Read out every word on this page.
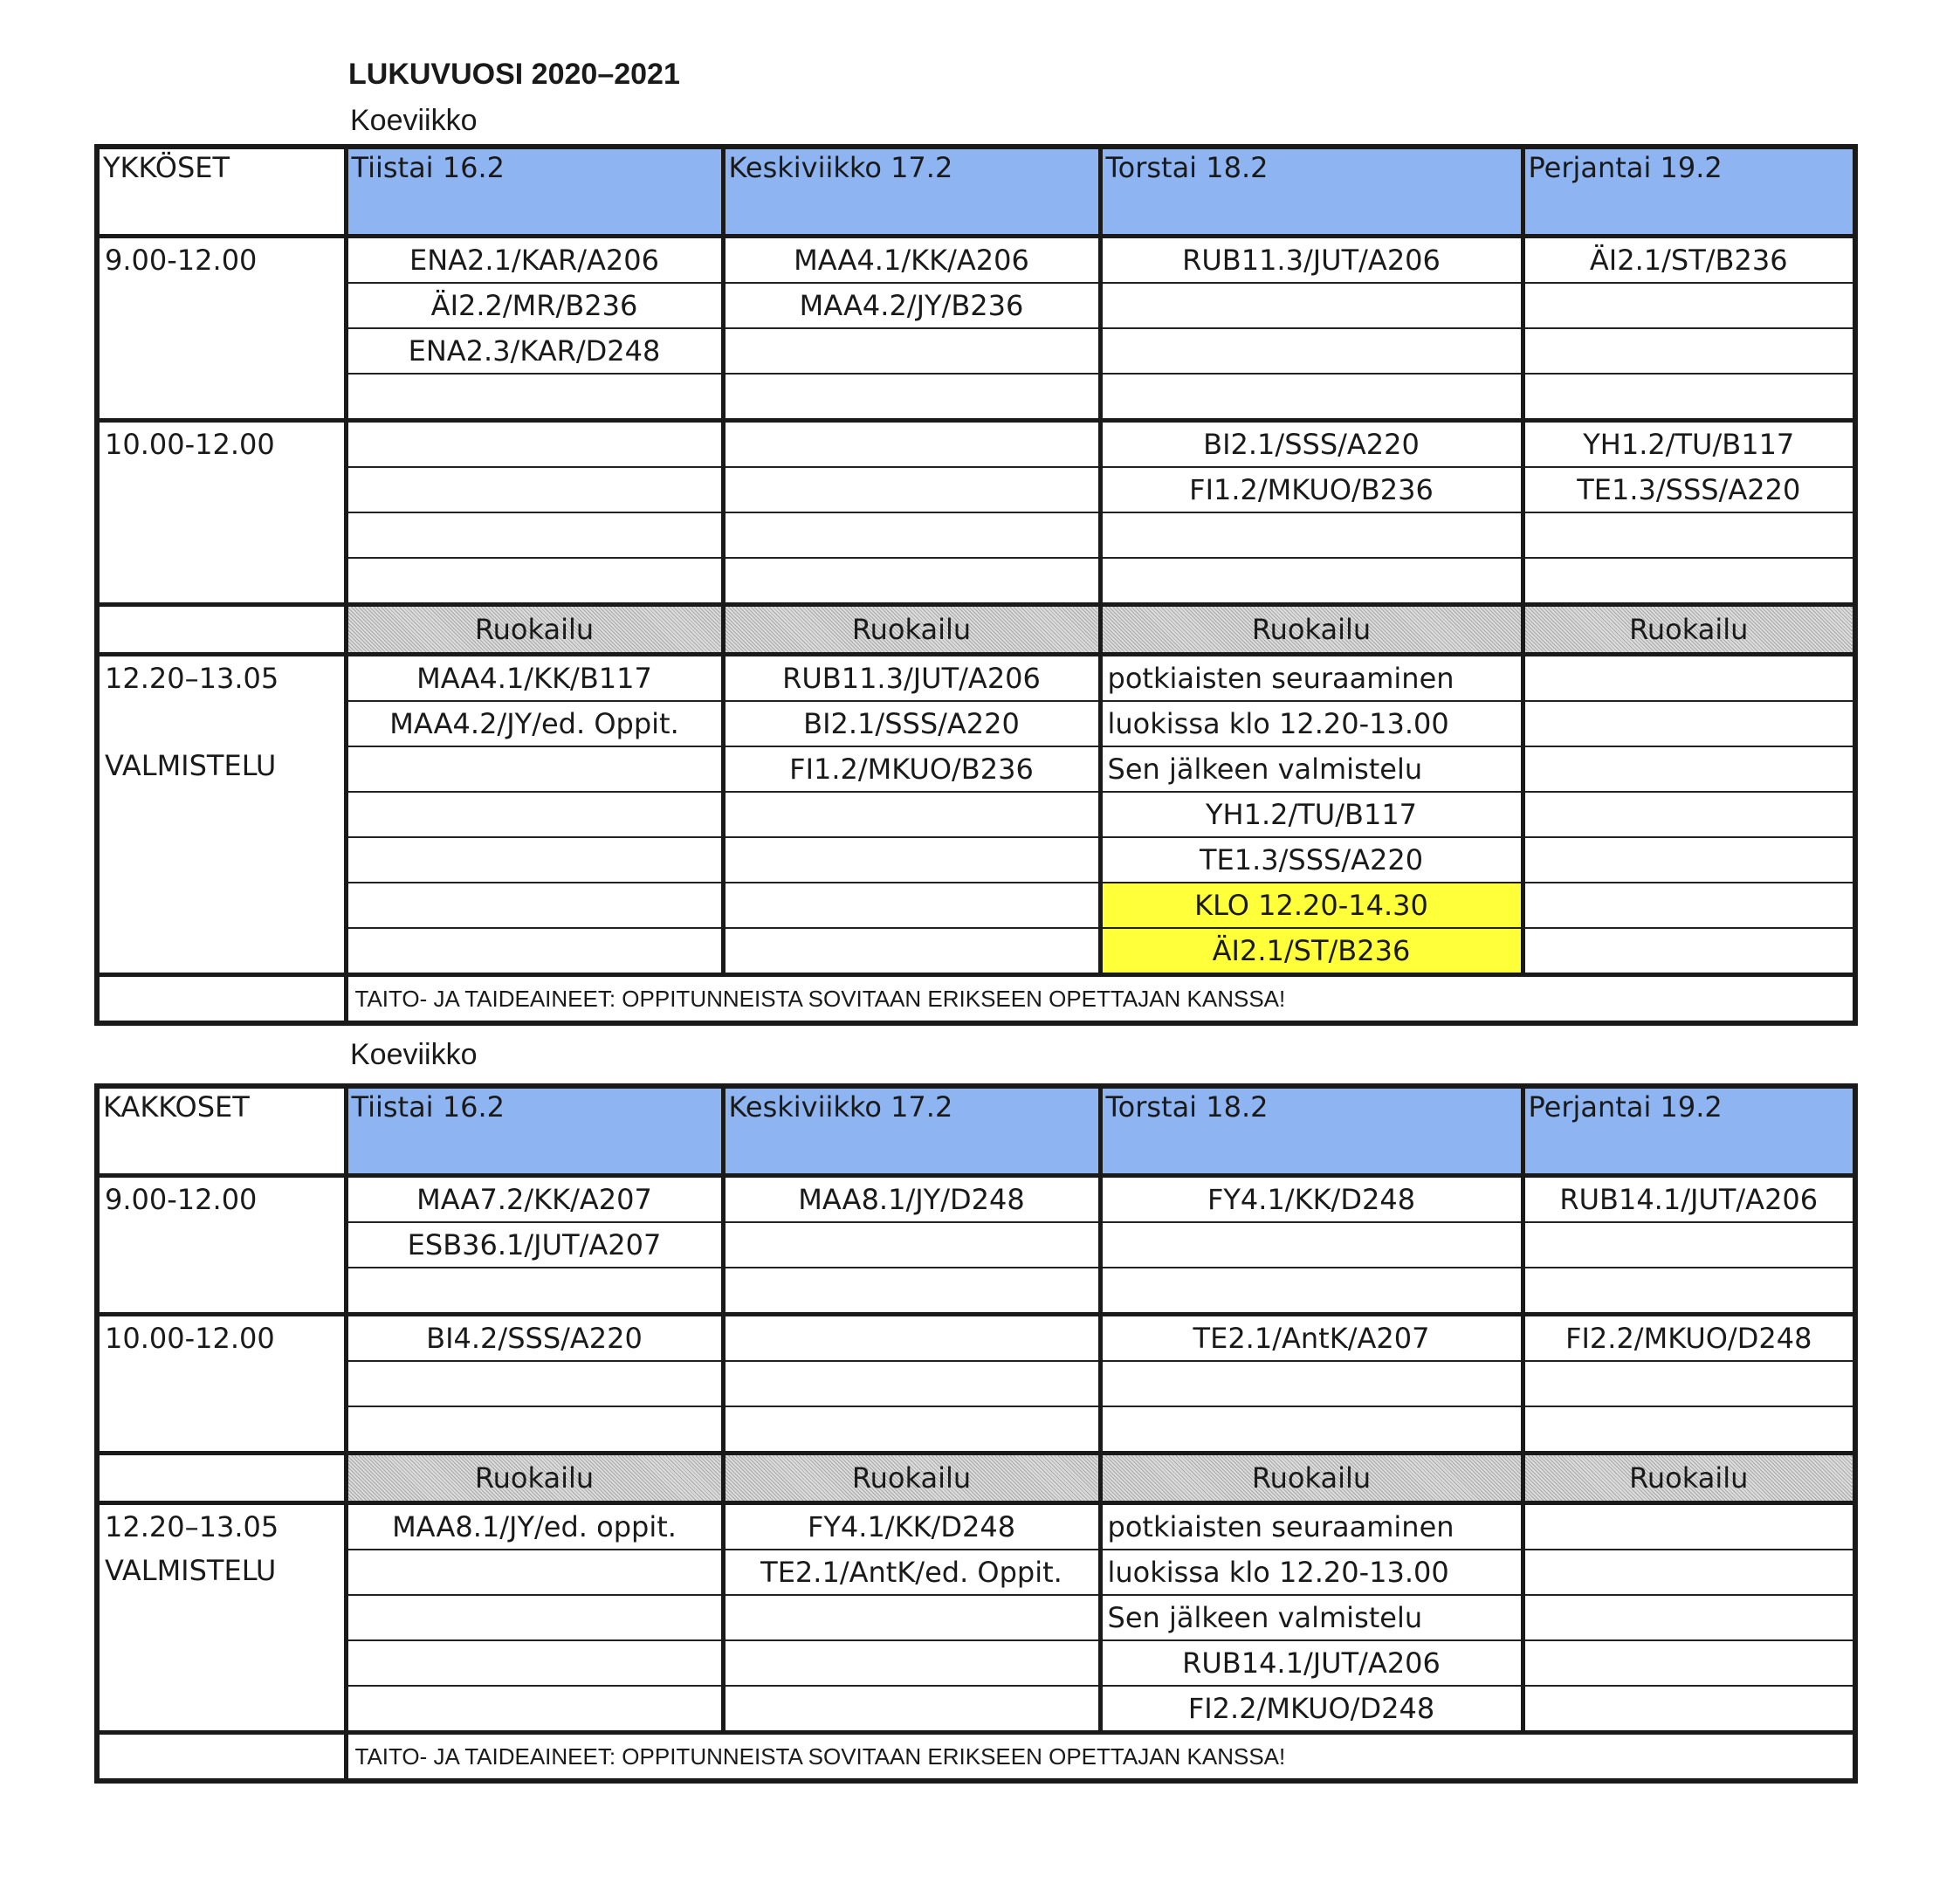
LUKUVUOSI 2020–2021
Koeviikko
YKKÖSET	Tiistai 16.2	Keskiviikko 17.2	Torstai 18.2	Perjantai 19.2
9.00-12.00	ENA2.1/KAR/A206	MAA4.1/KK/A206	RUB11.3/JUT/A206	ÄI2.1/ST/B236
	ÄI2.2/MR/B236	MAA4.2/JY/B236		
	ENA2.3/KAR/D248			

10.00-12.00			BI2.1/SSS/A220	YH1.2/TU/B117
			FI1.2/MKUO/B236	TE1.3/SSS/A220

	Ruokailu	Ruokailu	Ruokailu	Ruokailu

12.20–13.05

VALMISTELU	MAA4.1/KK/B117	RUB11.3/JUT/A206	potkiaisten seuraaminen	
	MAA4.2/JY/ed. Oppit.	BI2.1/SSS/A220	luokissa klo 12.20-13.00	
		FI1.2/MKUO/B236	Sen jälkeen valmistelu	
			YH1.2/TU/B117	
			TE1.3/SSS/A220	
			KLO 12.20-14.30	
			ÄI2.1/ST/B236	
	TAITO- JA TAIDEAINEET: OPPITUNNEISTA SOVITAAN ERIKSEEN OPETTAJAN KANSSA!			
Koeviikko
KAKKOSET	Tiistai 16.2	Keskiviikko 17.2	Torstai 18.2	Perjantai 19.2
9.00-12.00	MAA7.2/KK/A207	MAA8.1/JY/D248	FY4.1/KK/D248	RUB14.1/JUT/A206
	ESB36.1/JUT/A207			

10.00-12.00	BI4.2/SSS/A220		TE2.1/AntK/A207	FI2.2/MKUO/D248

	Ruokailu	Ruokailu	Ruokailu	Ruokailu

12.20–13.05
VALMISTELU	MAA8.1/JY/ed. oppit.	FY4.1/KK/D248	potkiaisten seuraaminen	
		TE2.1/AntK/ed. Oppit.	luokissa klo 12.20-13.00	
			Sen jälkeen valmistelu	
			RUB14.1/JUT/A206	
			FI2.2/MKUO/D248	
	TAITO- JA TAIDEAINEET: OPPITUNNEISTA SOVITAAN ERIKSEEN OPETTAJAN KANSSA!			
